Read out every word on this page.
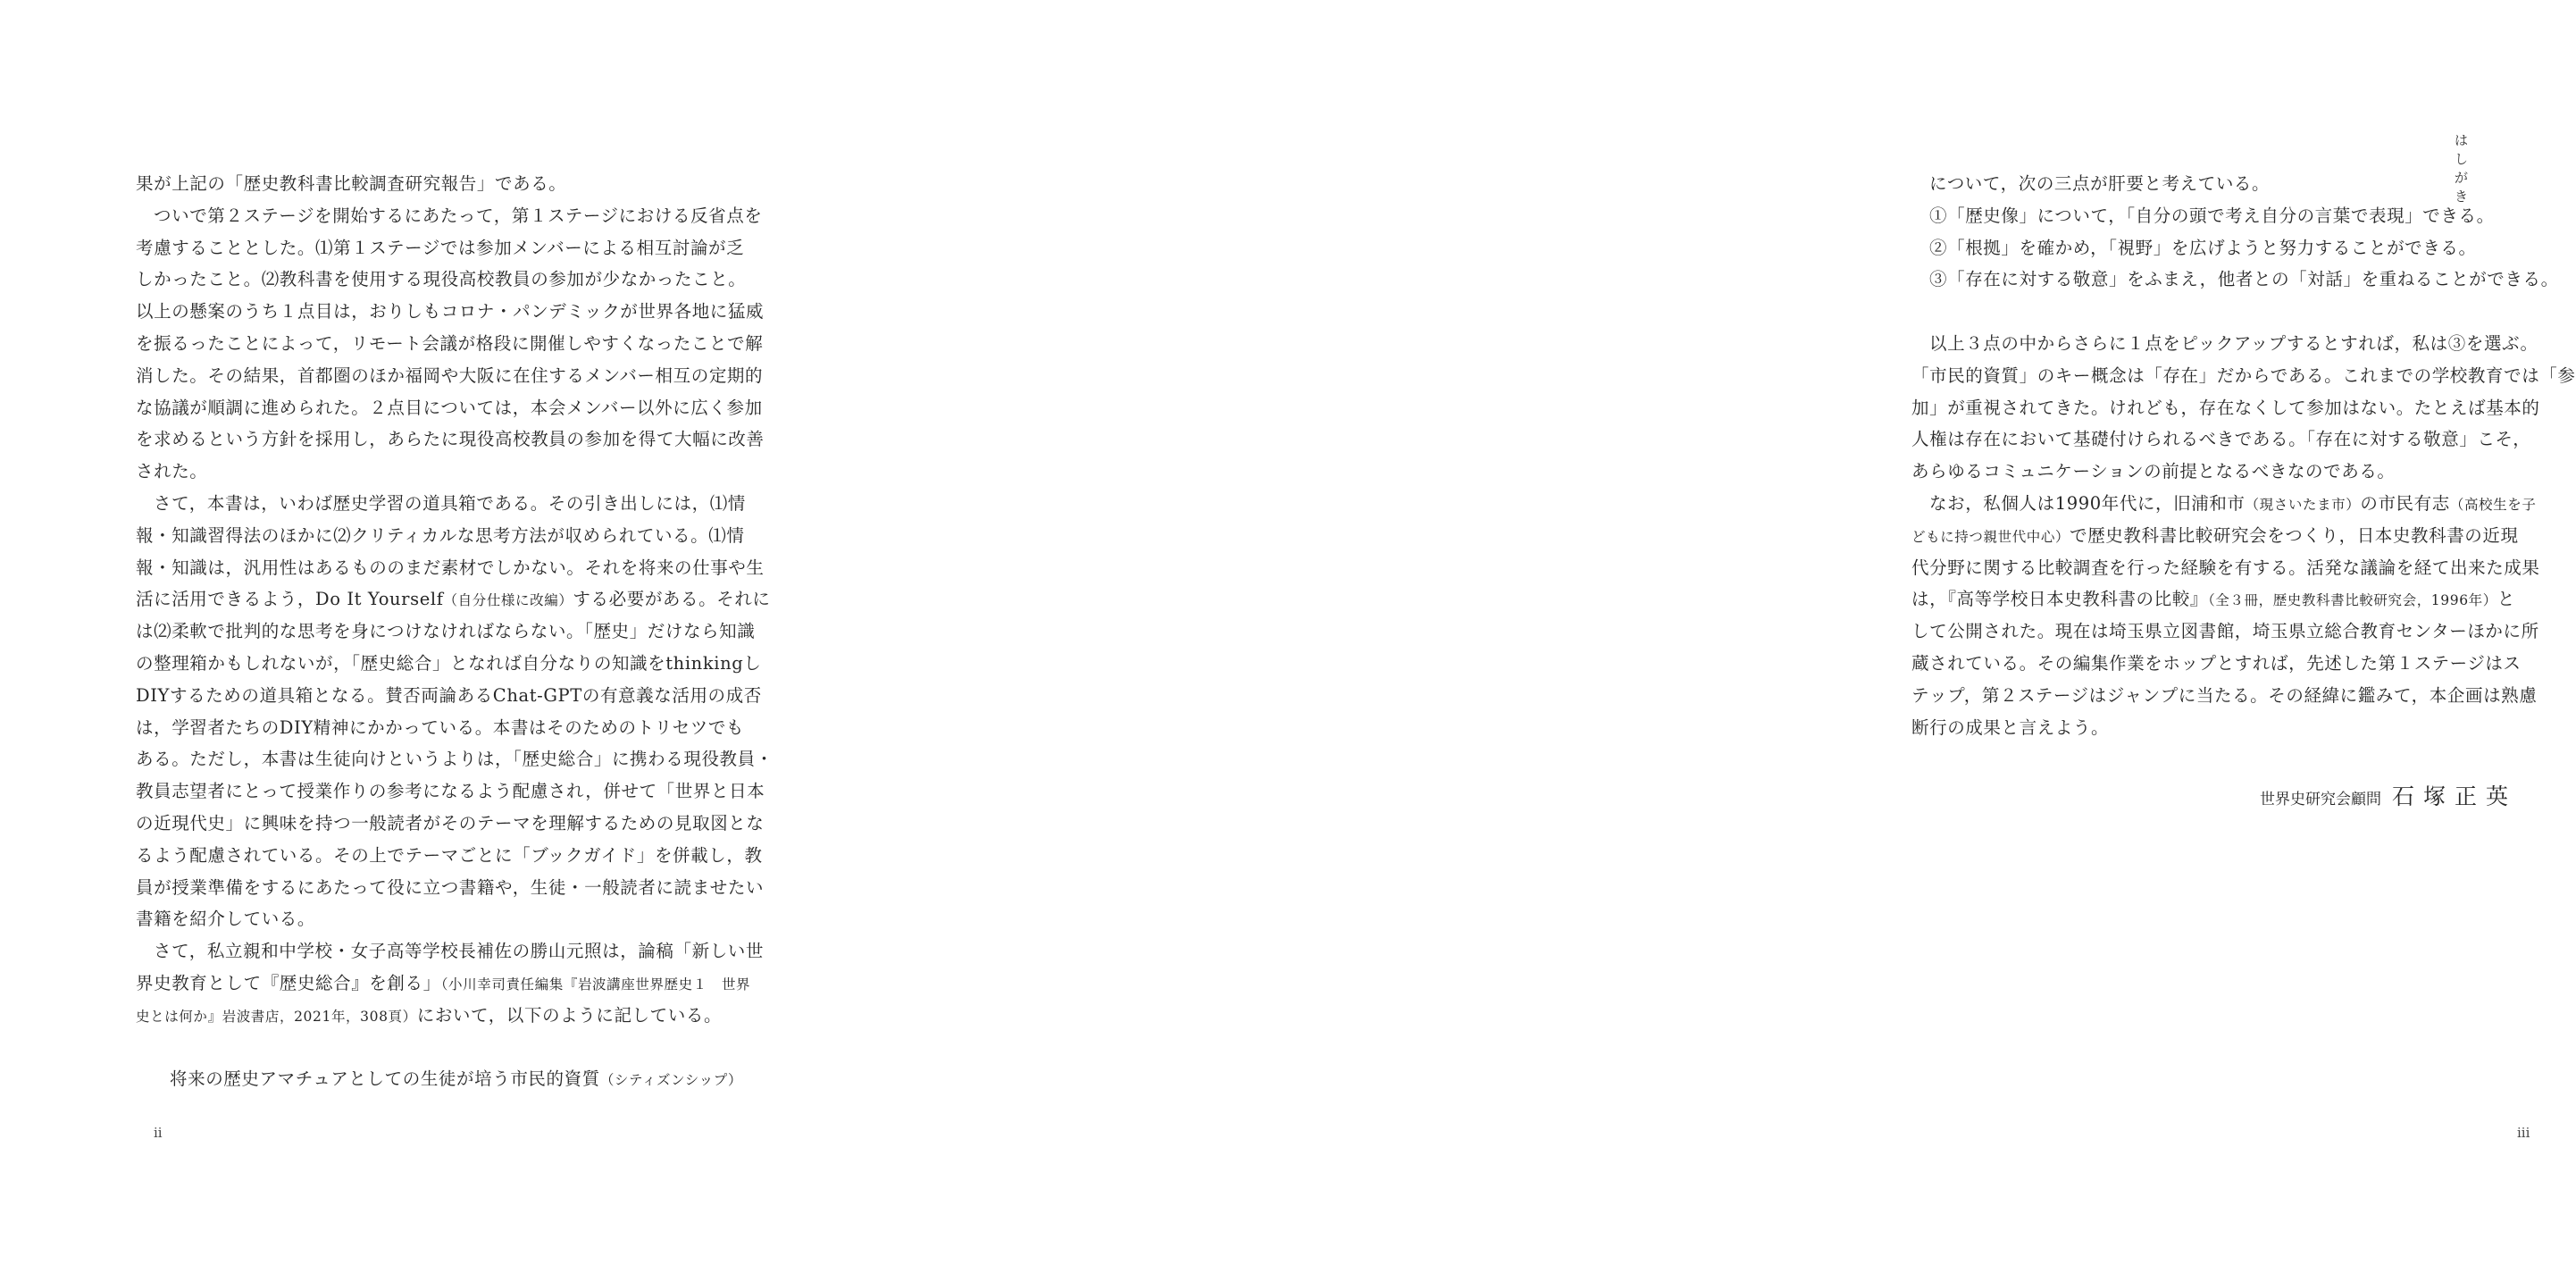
果が上記の「歴史教科書比較調査研究報告」である。
ついで第２ステージを開始するにあたって，第１ステージにおける反省点を
考慮することとした。⑴第１ステージでは参加メンバーによる相互討論が乏
しかったこと。⑵教科書を使用する現役高校教員の参加が少なかったこと。
以上の懸案のうち１点目は，おりしもコロナ・パンデミックが世界各地に猛威
を振るったことによって，リモート会議が格段に開催しやすくなったことで解
消した。その結果，首都圏のほか福岡や大阪に在住するメンバー相互の定期的
な協議が順調に進められた。２点目については，本会メンバー以外に広く参加
を求めるという方針を採用し，あらたに現役高校教員の参加を得て大幅に改善
された。
さて，本書は，いわば歴史学習の道具箱である。その引き出しには，⑴情
報・知識習得法のほかに⑵クリティカルな思考方法が収められている。⑴情
報・知識は，汎用性はあるもののまだ素材でしかない。それを将来の仕事や生
活に活用できるよう，Do It Yourself（自分仕様に改編）する必要がある。それに
は⑵柔軟で批判的な思考を身につけなければならない。「歴史」だけなら知識
の整理箱かもしれないが，「歴史総合」となれば自分なりの知識をthinkingし
DIYするための道具箱となる。賛否両論あるChat-GPTの有意義な活用の成否
は，学習者たちのDIY精神にかかっている。本書はそのためのトリセツでも
ある。ただし，本書は生徒向けというよりは，「歴史総合」に携わる現役教員・
教員志望者にとって授業作りの参考になるよう配慮され，併せて「世界と日本
の近現代史」に興味を持つ一般読者がそのテーマを理解するための見取図とな
るよう配慮されている。その上でテーマごとに「ブックガイド」を併載し，教
員が授業準備をするにあたって役に立つ書籍や，生徒・一般読者に読ませたい
書籍を紹介している。
さて，私立親和中学校・女子高等学校長補佐の勝山元照は，論稿「新しい世
界史教育として『歴史総合』を創る」（小川幸司責任編集『岩波講座世界歴史１　世界
史とは何か』岩波書店，2021年，308頁）において，以下のように記している。
将来の歴史アマチュアとしての生徒が培う市民的資質（シティズンシップ）
ii
について，次の三点が肝要と考えている。
①「歴史像」について，「自分の頭で考え自分の言葉で表現」できる。
②「根拠」を確かめ，「視野」を広げようと努力することができる。
③「存在に対する敬意」をふまえ，他者との「対話」を重ねることができる。
以上３点の中からさらに１点をピックアップするとすれば，私は③を選ぶ。
「市民的資質」のキー概念は「存在」だからである。これまでの学校教育では「参
加」が重視されてきた。けれども，存在なくして参加はない。たとえば基本的
人権は存在において基礎付けられるべきである。「存在に対する敬意」こそ，
あらゆるコミュニケーションの前提となるべきなのである。
なお，私個人は1990年代に，旧浦和市（現さいたま市）の市民有志（高校生を子
どもに持つ親世代中心）で歴史教科書比較研究会をつくり，日本史教科書の近現
代分野に関する比較調査を行った経験を有する。活発な議論を経て出来た成果
は，『高等学校日本史教科書の比較』（全３冊，歴史教科書比較研究会，1996年）と
して公開された。現在は埼玉県立図書館，埼玉県立総合教育センターほかに所
蔵されている。その編集作業をホップとすれば，先述した第１ステージはス
テップ，第２ステージはジャンプに当たる。その経緯に鑑みて，本企画は熟慮
断行の成果と言えよう。
世界史研究会顧問 石塚正英
はしがき
iii
